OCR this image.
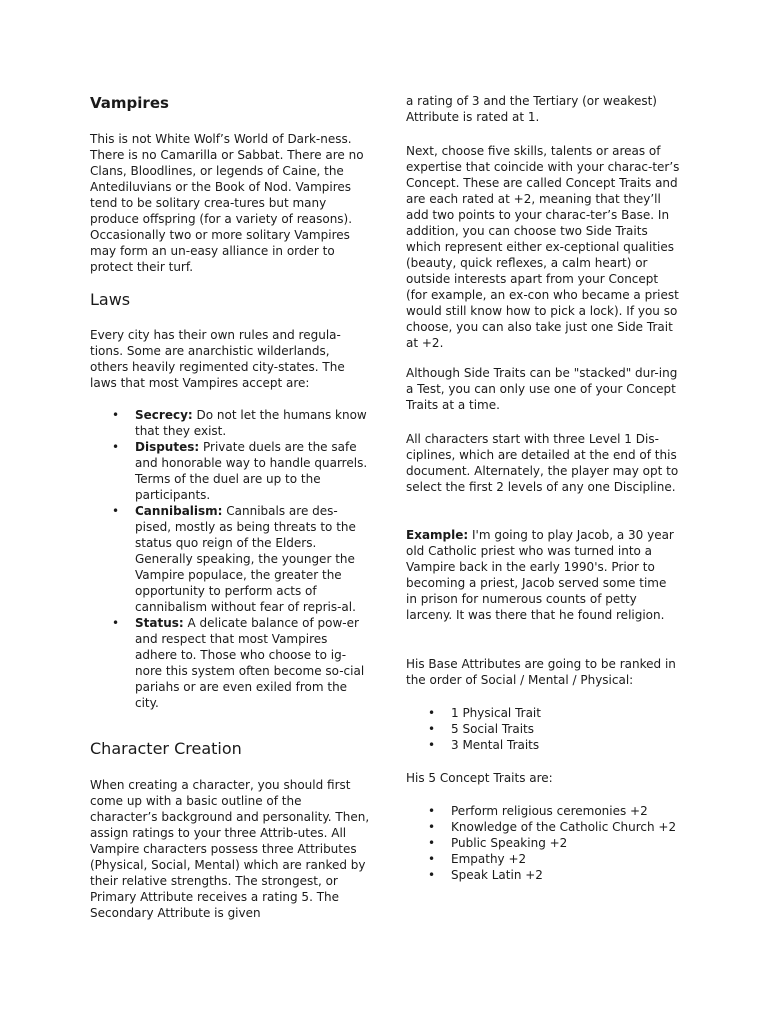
Vampires

This is not White Wolf’s World of Dark-ness. There is no Camarilla or Sabbat. There are no Clans, Bloodlines, or legends of Caine, the Antediluvians or the Book of Nod. Vampires tend to be solitary crea-tures but many produce offspring (for a variety of reasons). Occasionally two or more solitary Vampires may form an un-easy alliance in order to protect their turf.

Laws

Every city has their own rules and regula-tions. Some are anarchistic wilderlands, others heavily regimented city-states. The laws that most Vampires accept are:

• Secrecy: Do not let the humans know that they exist.
• Disputes: Private duels are the safe and honorable way to handle quarrels. Terms of the duel are up to the participants.
• Cannibalism: Cannibals are des-pised, mostly as being threats to the status quo reign of the Elders. Generally speaking, the younger the Vampire populace, the greater the opportunity to perform acts of cannibalism without fear of repris-al.
• Status: A delicate balance of pow-er and respect that most Vampires adhere to. Those who choose to ig-nore this system often become so-cial pariahs or are even exiled from the city.
Character Creation

When creating a character, you should first come up with a basic outline of the character’s background and personality. Then, assign ratings to your three Attrib-utes. All Vampire characters possess three Attributes (Physical, Social, Mental) which are ranked by their relative strengths. The strongest, or Primary Attribute receives a rating 5. The Secondary Attribute is given

a rating of 3 and the Tertiary (or weakest) Attribute is rated at 1.

Next, choose five skills, talents or areas of expertise that coincide with your charac-ter’s Concept. These are called Concept Traits and are each rated at +2, meaning that they’ll add two points to your charac-ter’s Base. In addition, you can choose two Side Traits which represent either ex-ceptional qualities (beauty, quick reflexes, a calm heart) or outside interests apart from your Concept (for example, an ex-con who became a priest would still know how to pick a lock). If you so choose, you can also take just one Side Trait at +2.

Although Side Traits can be "stacked" dur-ing a Test, you can only use one of your Concept Traits at a time.

All characters start with three Level 1 Dis-ciplines, which are detailed at the end of this document. Alternately, the player may opt to select the first 2 levels of any one Discipline.

Example: I'm going to play Jacob, a 30 year old Catholic priest who was turned into a Vampire back in the early 1990's. Prior to becoming a priest, Jacob served some time in prison for numerous counts of petty larceny. It was there that he found religion.

His Base Attributes are going to be ranked in the order of Social / Mental / Physical:

• 1 Physical Trait
• 5 Social Traits
• 3 Mental Traits

His 5 Concept Traits are:

• Perform religious ceremonies +2
• Knowledge of the Catholic Church +2
• Public Speaking +2
• Empathy +2
• Speak Latin +2
